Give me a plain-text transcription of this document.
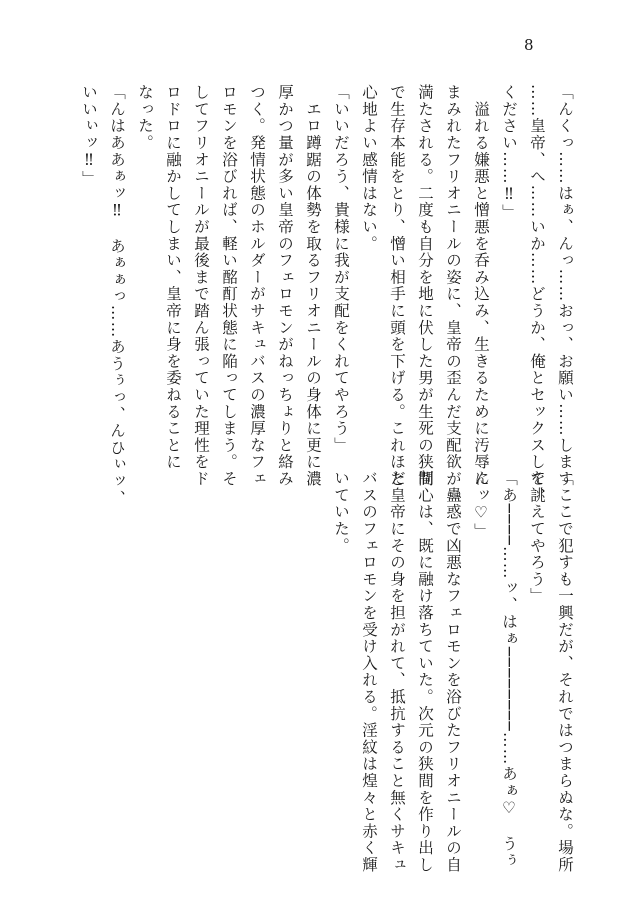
8

「んくっ……はぁ、んっ……おっ、お願い……します

……皇帝、へ……いか……どうか、俺とセックスして、

ください……‼」

　溢れる嫌悪と憎悪を呑み込み、生きるために汚辱に

まみれたフリオニールの姿に、皇帝の歪んだ支配欲が

満たされる。二度も自分を地に伏した男が生死の狭間

で生存本能をとり、憎い相手に頭を下げる。これほど

心地よい感情はない。

「いいだろう、貴様に我が支配をくれてやろう」

　エロ蹲踞の体勢を取るフリオニールの身体に更に濃

厚かつ量が多い皇帝のフェロモンがねっちょりと絡み

つく。発情状態のホルダーがサキュバスの濃厚なフェ

ロモンを浴びれば、軽い酩酊状態に陥ってしまう。そ

してフリオニールが最後まで踏ん張っていた理性をド

ロドロに融かしてしまい、皇帝に身を委ねることに

なった。

「んはああぁッ‼　あぁぁっ……あうぅっ、んひぃッ、

いいぃッ‼」

「ここで犯すも一興だが、それではつまらぬな。場所

を誂えてやろう」

「あ────……ッ、はぁ────────……あぁ♡　うぅ

んッ♡」

　蠱惑で凶悪なフェロモンを浴びたフリオニールの自

制心は、既に融け落ちていた。次元の狭間を作り出し

た皇帝にその身を担がれて、抵抗すること無くサキュ

バスのフェロモンを受け入れる。淫紋は煌々と赤く輝

いていた。
